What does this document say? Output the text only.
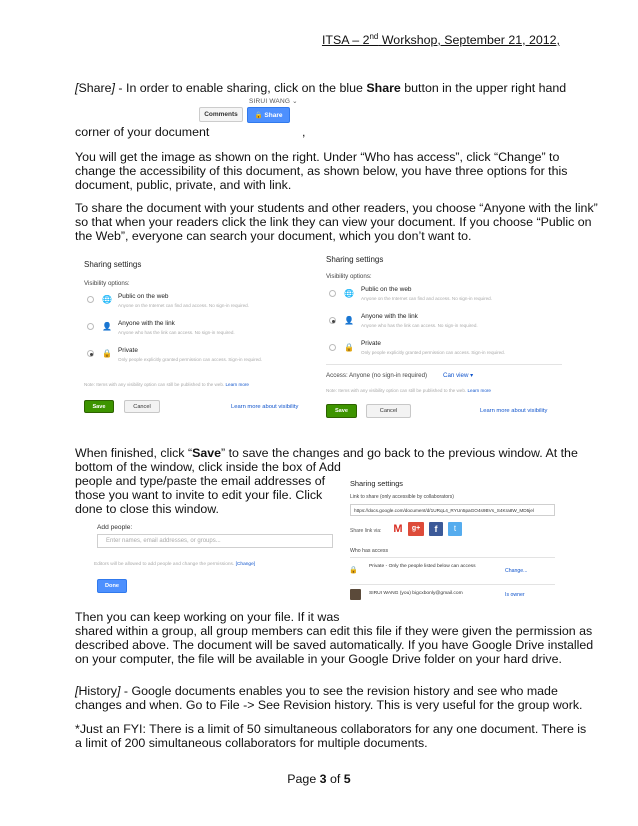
ITSA – 2nd Workshop, September 21, 2012,
[Share] - In order to enable sharing, click on the blue Share button in the upper right hand
corner of your document	,
SIRUI WANG ⌄
Comments	🔒 Share
You will get the image as shown on the right. Under “Who has access”, click “Change” to
change the accessibility of this document, as shown below, you have three options for this
document, public, private, and with link.
To share the document with your students and other readers, you choose “Anyone with the link”
so that when your readers click the link they can view your document. If you choose “Public on
the Web”, everyone can search your document, which you don’t want to.
Sharing settings
Visibility options:
🌐 Public on the web
Anyone on the Internet can find and access. No sign-in required.
👤 Anyone with the link
Anyone who has the link can access. No sign-in required.
🔒 Private
Only people explicitly granted permission can access. Sign-in required.
Note: Items with any visibility option can still be published to the web. Learn more
Save	Cancel	Learn more about visibility
Sharing settings
Visibility options:
🌐 Public on the web
Anyone on the Internet can find and access. No sign-in required.
👤 Anyone with the link
Anyone who has the link can access. No sign-in required.
🔒 Private
Only people explicitly granted permission can access. Sign-in required.
Access: Anyone (no sign-in required)	Can view ▾
Note: Items with any visibility option can still be published to the web. Learn more
Save	Cancel	Learn more about visibility
When finished, click “Save” to save the changes and go back to the previous window. At the
bottom of the window, click inside the box of Add
people and type/paste the email addresses of
those you want to invite to edit your file. Click
done to close this window.
Add people:
Enter names, email addresses, or groups...
Editors will be allowed to add people and change the permissions. [Change]
Done
Sharing settings
Link to share (only accessible by collaborators)
https://docs.google.com/document/d/1URqL4_RYUn5paGO4s9BVs_S4Kra8W_MD5jel
Share link via: M	g+	f	t
Who has access
🔒
Private - Only the people listed below can access
Change...
SIRUI WANG (you) bigcxbonly@gmail.com	Is owner
Then you can keep working on your file. If it was
shared within a group, all group members can edit this file if they were given the permission as
described above. The document will be saved automatically. If you have Google Drive installed
on your computer, the file will be available in your Google Drive folder on your hard drive.
[History] - Google documents enables you to see the revision history and see who made
changes and when. Go to File -> See Revision history. This is very useful for the group work.
*Just an FYI: There is a limit of 50 simultaneous collaborators for any one document. There is
a limit of 200 simultaneous collaborators for multiple documents.
Page 3 of 5
